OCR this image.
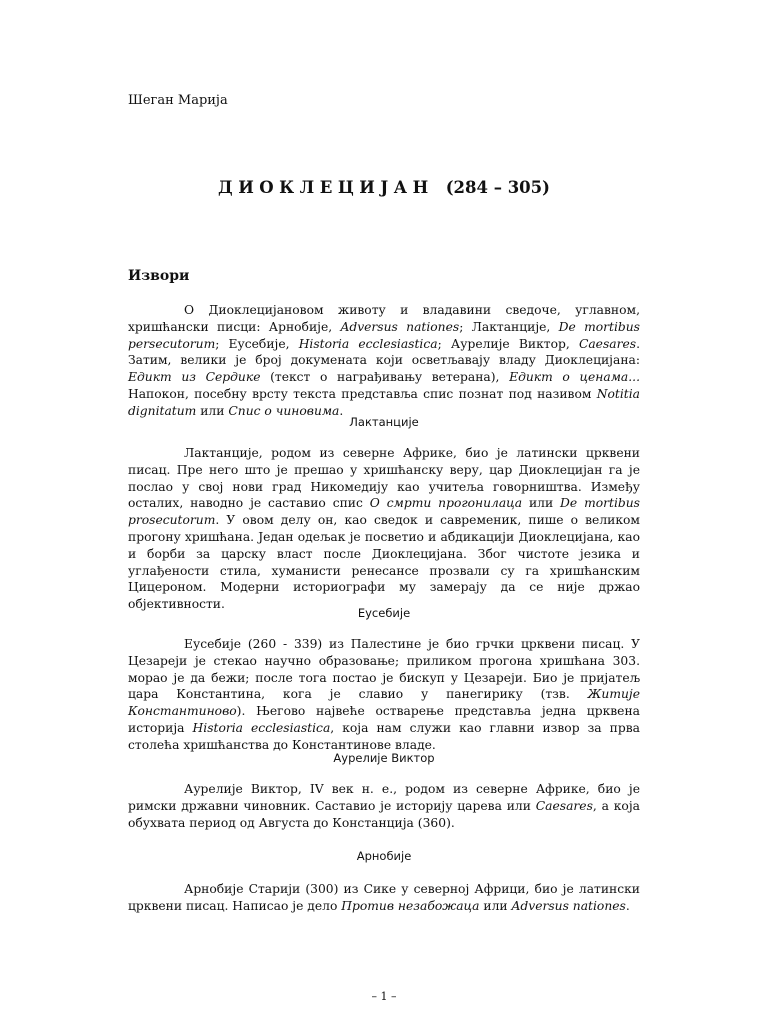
Шеган Марија
ДИОКЛЕЦИЈАН (284 – 305)
Извори

О Диоклецијановом животу и владавини сведоче, углавном, хришћански писци: Арнобије, Adversus nationes; Лактанције, De mortibus persecutorum; Еусебије, Historia ecclesiastica; Аурелије Виктор, Caesares. Затим, велики је број докумената који осветљавају владу Диоклецијана: Едикт из Сердике (текст о награђивању ветерана), Едикт о ценама... Напокон, посебну врсту текста представља спис познат под називом Notitia dignitatum или Спис о чиновима.

Лактанције

Лактанције, родом из северне Африке, био је латински црквени писац. Пре него што је прешао у хришћанску веру, цар Диоклецијан га је послао у свој нови град Никомедију као учитеља говорништва. Између осталих, наводно је саставио спис О смрти прогонилаца или De mortibus prosecutorum. У овом делу он, као сведок и савременик, пише о великом прогону хришћана. Један одељак је посветио и абдикацији Диоклецијана, као и борби за царску власт после Диоклецијана. Због чистоте језика и углађености стила, хуманисти ренесансе прозвали су га хришћанским Цицероном. Модерни историографи му замерају да се није држао објективности.

Еусебије

Еусебије (260 - 339) из Палестине је био грчки црквени писац. У Цезареји је стекао научно образовање; приликом прогона хришћана 303. морао је да бежи; после тога постао је бискуп у Цезареји. Био је пријатељ цара Константина, кога је славио у панегирику (тзв. Житије Константиново). Његово највеће остварење представља једна црквена историја Historia ecclesiastica, која нам служи као главни извор за прва столећа хришћанства до Константинове владе.

Аурелије Виктор

Аурелије Виктор, IV век н. е., родом из северне Африке, био је римски државни чиновник. Саставио је историју царева или Caesares, а која обухвата период од Августа до Констанција (360).

Арнобије

Арнобије Старији (300) из Сике у северној Африци, био је латински црквени писац. Написао је дело Против незабожаца или Adversus nationes.

– 1 –
